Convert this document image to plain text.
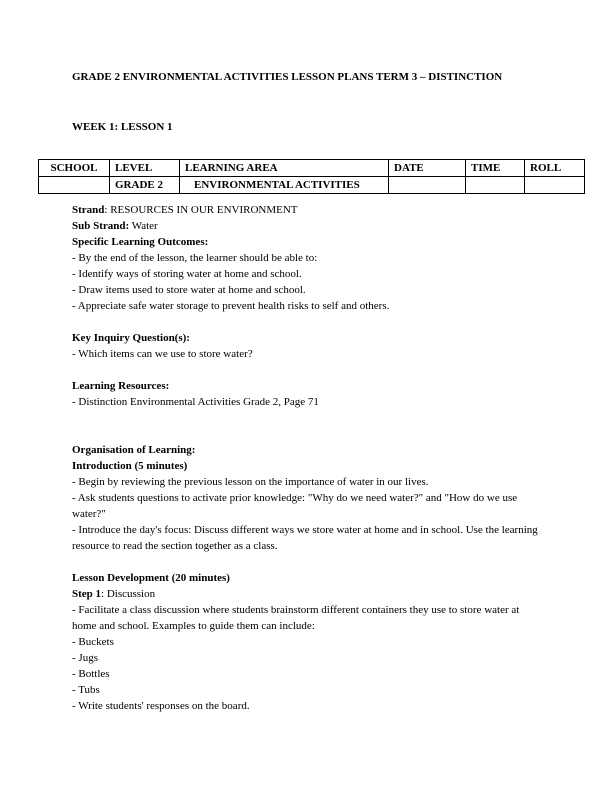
GRADE 2 ENVIRONMENTAL ACTIVITIES LESSON PLANS TERM 3 – DISTINCTION
WEEK 1: LESSON 1
SCHOOL	LEVEL	LEARNING AREA	DATE	TIME	ROLL
	GRADE 2	ENVIRONMENTAL ACTIVITIES			

Strand: RESOURCES IN OUR ENVIRONMENT

Sub Strand: Water

Specific Learning Outcomes:

- By the end of the lesson, the learner should be able to:

- Identify ways of storing water at home and school.

- Draw items used to store water at home and school.

- Appreciate safe water storage to prevent health risks to self and others.

Key Inquiry Question(s):

- Which items can we use to store water?

Learning Resources:

- Distinction Environmental Activities Grade 2, Page 71

Organisation of Learning:

Introduction (5 minutes)

- Begin by reviewing the previous lesson on the importance of water in our lives.

- Ask students questions to activate prior knowledge: "Why do we need water?" and "How do we use water?"

- Introduce the day's focus: Discuss different ways we store water at home and in school. Use the learning resource to read the section together as a class.

Lesson Development (20 minutes)

Step 1: Discussion

- Facilitate a class discussion where students brainstorm different containers they use to store water at home and school. Examples to guide them can include:

- Buckets

- Jugs

- Bottles

- Tubs

- Write students' responses on the board.
